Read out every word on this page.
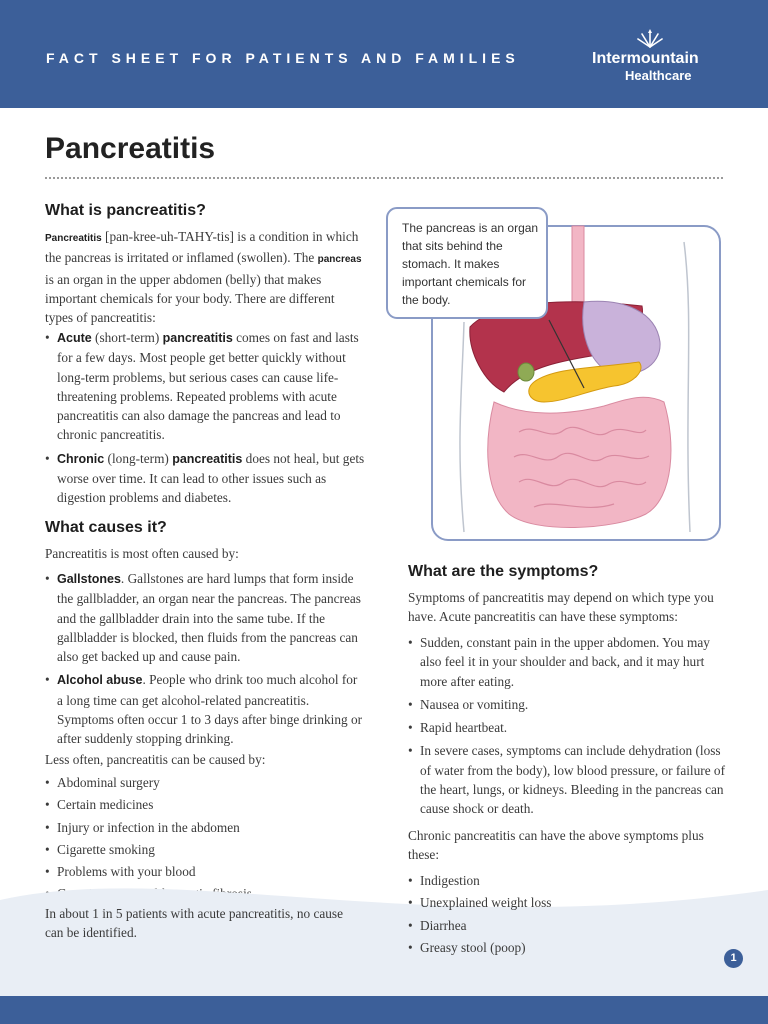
FACT SHEET FOR PATIENTS AND FAMILIES	Intermountain
Healthcare
Pancreatitis
What is pancreatitis?

Pancreatitis [pan-kree-uh-TAHY-tis] is a condition in which the pancreas is irritated or inflamed (swollen). The pancreas is an organ in the upper abdomen (belly) that makes important chemicals for your body. There are different types of pancreatitis:

• Acute (short-term) pancreatitis comes on fast and lasts for a few days. Most people get better quickly without long-term problems, but serious cases can cause life-threatening problems. Repeated problems with acute pancreatitis can also damage the pancreas and lead to chronic pancreatitis.
• Chronic (long-term) pancreatitis does not heal, but gets worse over time. It can lead to other issues such as digestion problems and diabetes.
What causes it?

Pancreatitis is most often caused by:

• Gallstones. Gallstones are hard lumps that form inside the gallbladder, an organ near the pancreas. The pancreas and the gallbladder drain into the same tube. If the gallbladder is blocked, then fluids from the pancreas can also get backed up and cause pain.
• Alcohol abuse. People who drink too much alcohol for a long time can get alcohol-related pancreatitis. Symptoms often occur 1 to 3 days after binge drinking or after suddenly stopping drinking.

Less often, pancreatitis can be caused by:

• Abdominal surgery
• Certain medicines
• Injury or infection in the abdomen
• Cigarette smoking
• Problems with your blood
•

In about 1 in 5 patients with acute pancreatitis, no cause can be identified.

The pancreas is an organ that sits behind the stomach. It makes important chemicals for the body.
What are the symptoms?

Symptoms of pancreatitis may depend on which type you have. Acute pancreatitis can have these symptoms:

• Sudden, constant pain in the upper abdomen. You may also feel it in your shoulder and back, and it may hurt more after eating.
• Nausea or vomiting.
• Rapid heartbeat.
• In severe cases, symptoms can include dehydration (loss of water from the body), low blood pressure, or failure of the heart, lungs, or kidneys. Bleeding in the pancreas can cause shock or death.

Chronic pancreatitis can have the above symptoms plus these:

• Indigestion
• Unexplained weight loss
• Diarrhea
• Greasy stool (poop)
1
